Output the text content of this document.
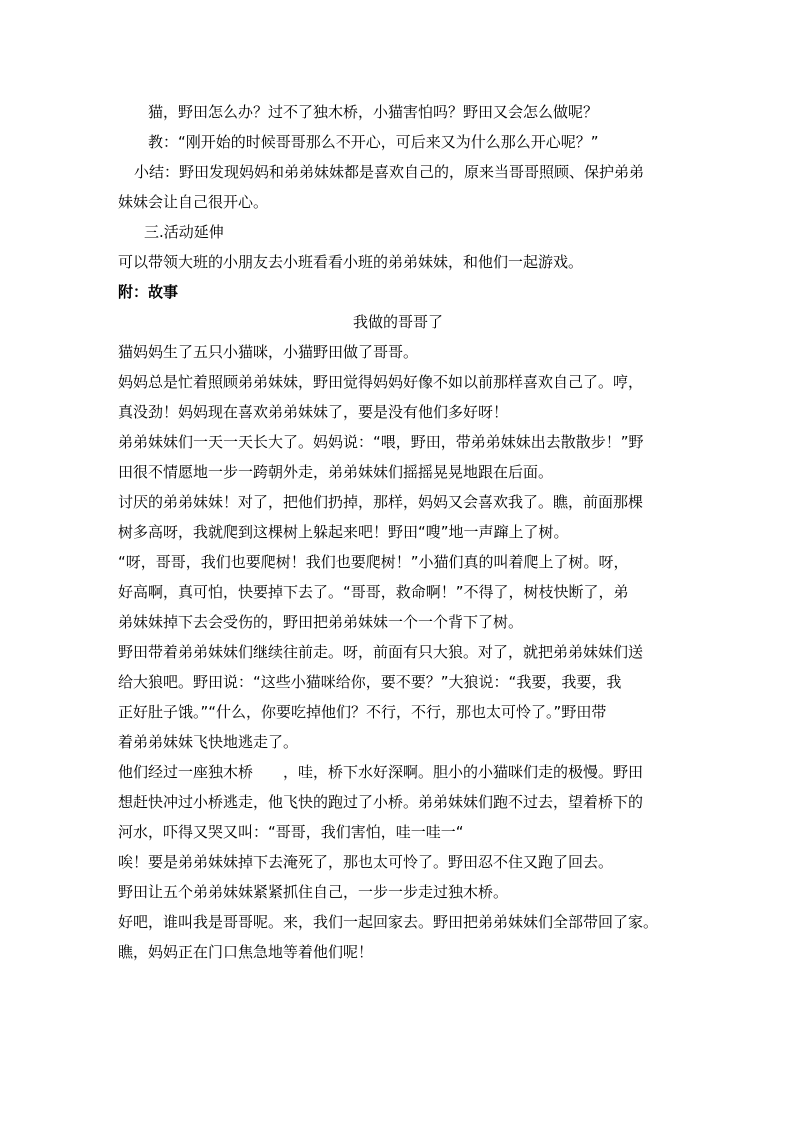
猫，野田怎么办？过不了独木桥，小猫害怕吗？野田又会怎么做呢？
教：“刚开始的时候哥哥那么不开心，可后来又为什么那么开心呢？”
小结：野田发现妈妈和弟弟妹妹都是喜欢自己的，原来当哥哥照顾、保护弟弟
妹妹会让自己很开心。
三.活动延伸
可以带领大班的小朋友去小班看看小班的弟弟妹妹，和他们一起游戏。
附：故事
我做的哥哥了
猫妈妈生了五只小猫咪，小猫野田做了哥哥。
妈妈总是忙着照顾弟弟妹妹，野田觉得妈妈好像不如以前那样喜欢自己了。哼，
真没劲！妈妈现在喜欢弟弟妹妹了，要是没有他们多好呀！
弟弟妹妹们一天一天长大了。妈妈说：“喂，野田，带弟弟妹妹出去散散步！”野
田很不情愿地一步一跨朝外走，弟弟妹妹们摇摇晃晃地跟在后面。
讨厌的弟弟妹妹！对了，把他们扔掉，那样，妈妈又会喜欢我了。瞧，前面那棵
树多高呀，我就爬到这棵树上躲起来吧！野田“嗖”地一声蹿上了树。
“呀，哥哥，我们也要爬树！我们也要爬树！”小猫们真的叫着爬上了树。呀，
好高啊，真可怕，快要掉下去了。“哥哥，救命啊！”不得了，树枝快断了，弟
弟妹妹掉下去会受伤的，野田把弟弟妹妹一个一个背下了树。
野田带着弟弟妹妹们继续往前走。呀，前面有只大狼。对了，就把弟弟妹妹们送
给大狼吧。野田说：“这些小猫咪给你，要不要？”大狼说：“我要，我要，我
正好肚子饿。”“什么，你要吃掉他们？不行，不行，那也太可怜了。”野田带
着弟弟妹妹飞快地逃走了。
他们经过一座独木桥　　，哇，桥下水好深啊。胆小的小猫咪们走的极慢。野田
想赶快冲过小桥逃走，他飞快的跑过了小桥。弟弟妹妹们跑不过去，望着桥下的
河水，吓得又哭又叫：“哥哥，我们害怕，哇一哇一“
唉！要是弟弟妹妹掉下去淹死了，那也太可怜了。野田忍不住又跑了回去。
野田让五个弟弟妹妹紧紧抓住自己，一步一步走过独木桥。
好吧，谁叫我是哥哥呢。来，我们一起回家去。野田把弟弟妹妹们全部带回了家。
瞧，妈妈正在门口焦急地等着他们呢！
